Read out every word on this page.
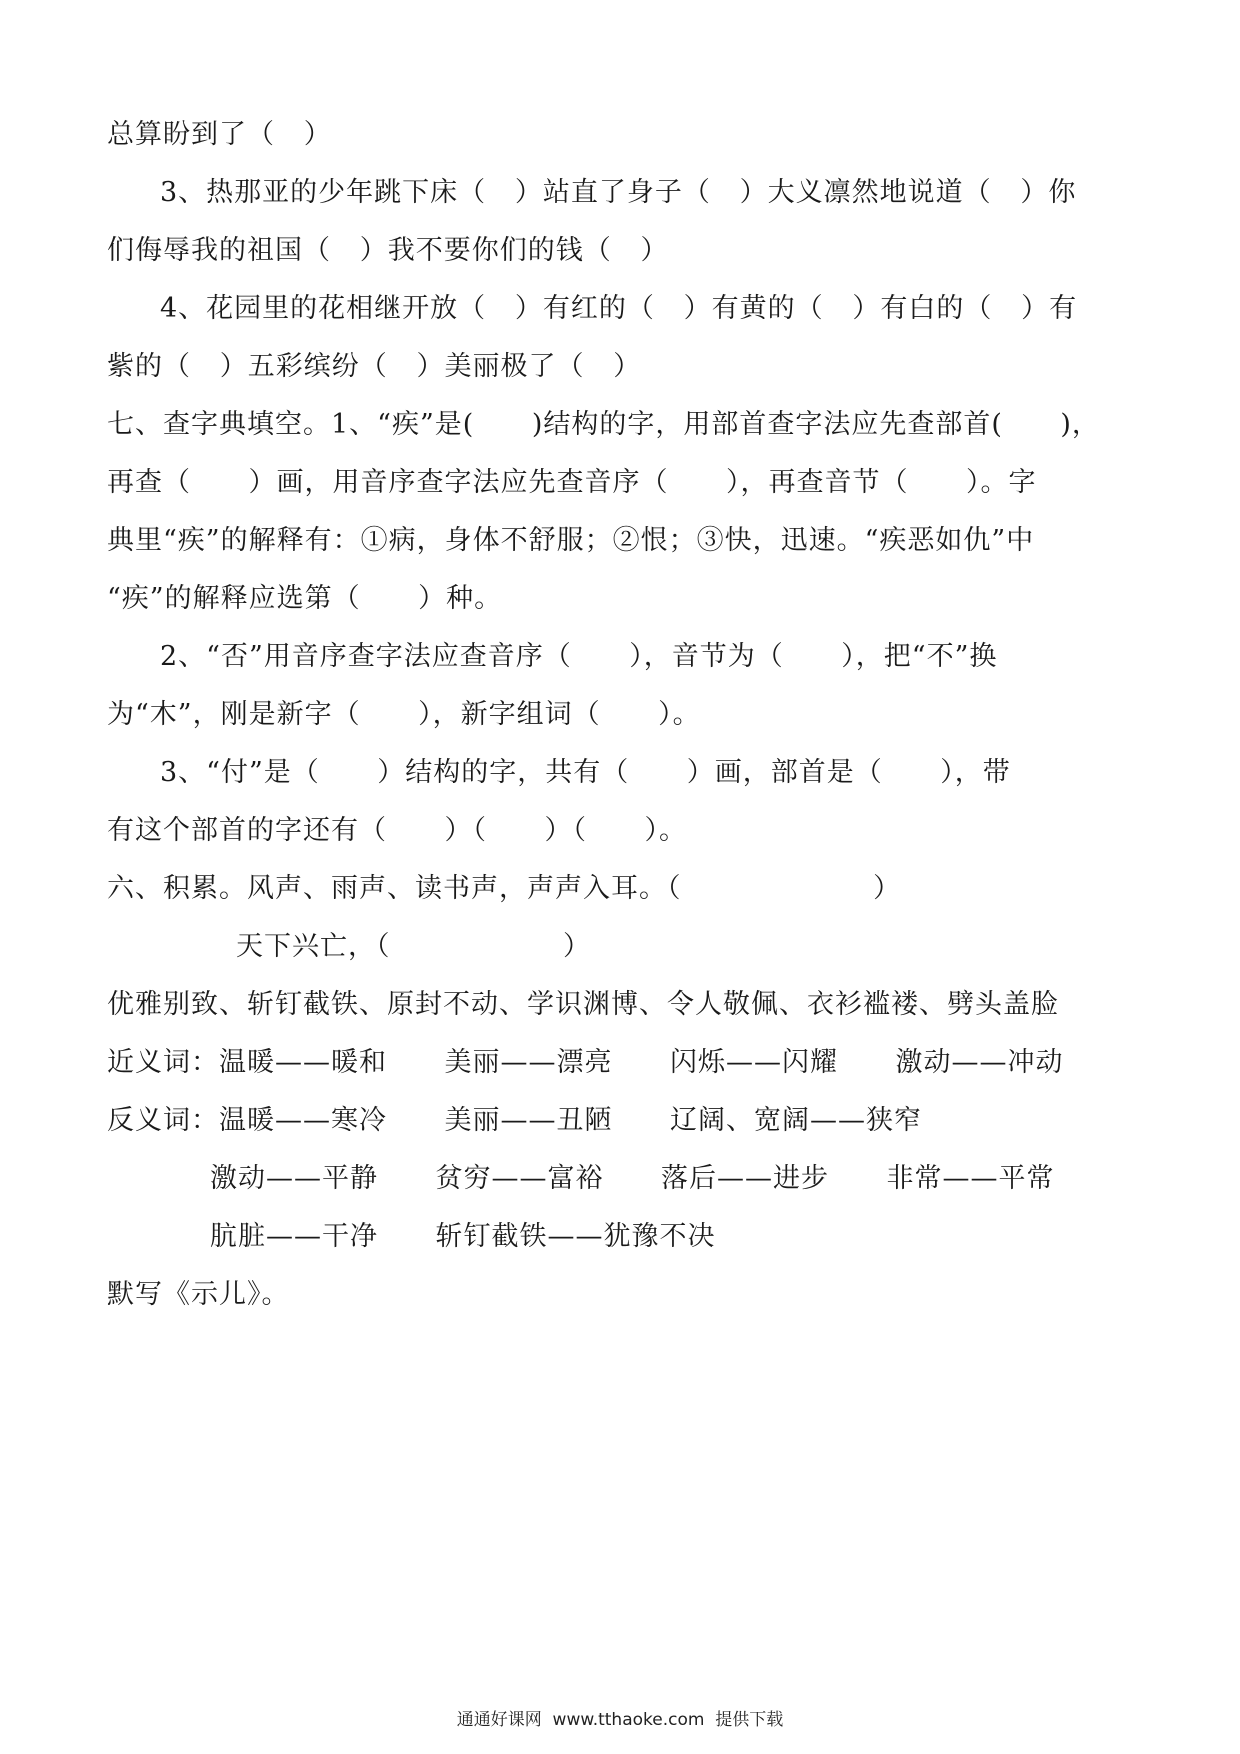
总算盼到了（   ）
3、热那亚的少年跳下床（   ）站直了身子（   ）大义凛然地说道（   ）你
们侮辱我的祖国（   ）我不要你们的钱（   ）
4、花园里的花相继开放（   ）有红的（   ）有黄的（   ）有白的（   ）有
紫的（   ）五彩缤纷（   ）美丽极了（   ）
七、查字典填空。1、“疾”是(      )结构的字，用部首查字法应先查部首(      )，
再查（      ）画，用音序查字法应先查音序（      ），再查音节（      ）。字
典里“疾”的解释有：①病，身体不舒服；②恨；③快，迅速。“疾恶如仇”中
“疾”的解释应选第（      ）种。
2、“否”用音序查字法应查音序（      ），音节为（      ），把“不”换
为“木”，刚是新字（      ），新字组词（      ）。
3、“付”是（      ）结构的字，共有（      ）画，部首是（      ），带
有这个部首的字还有（      ）（      ）（      ）。
六、积累。风声、雨声、读书声，声声入耳。（                    ）
天下兴亡，（                  ）
优雅别致、斩钉截铁、原封不动、学识渊博、令人敬佩、衣衫褴褛、劈头盖脸
近义词：温暖——暖和      美丽——漂亮      闪烁——闪耀      激动——冲动
反义词：温暖——寒冷      美丽——丑陋      辽阔、宽阔——狭窄
激动——平静      贫穷——富裕      落后——进步      非常——平常
肮脏——干净      斩钉截铁——犹豫不决
默写《示儿》。
通通好课网  www.tthaoke.com  提供下载
